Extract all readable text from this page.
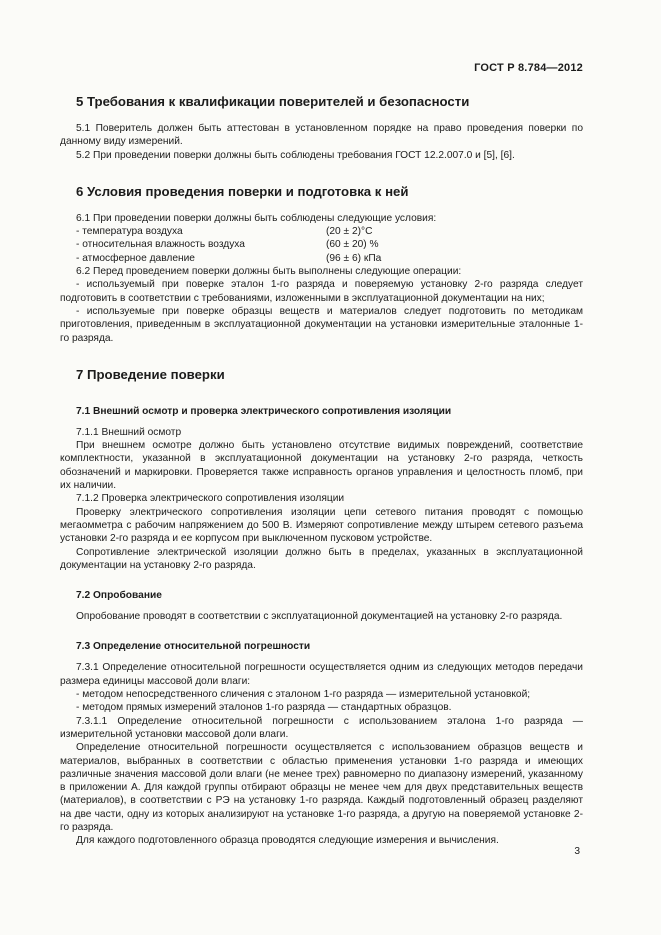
ГОСТ Р 8.784—2012
5 Требования к квалификации поверителей и безопасности

5.1 Поверитель должен быть аттестован в установленном порядке на право проведения поверки по данному виду измерений.

5.2 При проведении поверки должны быть соблюдены требования ГОСТ 12.2.007.0 и [5], [6].

6 Условия проведения поверки и подготовка к ней

6.1 При проведении поверки должны быть соблюдены следующие условия:

- температура воздуха	(20 ± 2)°С
- относительная влажность воздуха	(60 ± 20) %
- атмосферное давление	(96 ± 6) кПа

6.2 Перед проведением поверки должны быть выполнены следующие операции:

- используемый при поверке эталон 1-го разряда и поверяемую установку 2-го разряда следует подготовить в соответствии с требованиями, изложенными в эксплуатационной документации на них;

- используемые при поверке образцы веществ и материалов следует подготовить по методикам приготовления, приведенным в эксплуатационной документации на установки измерительные эталонные 1-го разряда.

7 Проведение поверки
7.1 Внешний осмотр и проверка электрического сопротивления изоляции

7.1.1 Внешний осмотр

При внешнем осмотре должно быть установлено отсутствие видимых повреждений, соответствие комплектности, указанной в эксплуатационной документации на установку 2-го разряда, четкость обозначений и маркировки. Проверяется также исправность органов управления и целостность пломб, при их наличии.

7.1.2 Проверка электрического сопротивления изоляции

Проверку электрического сопротивления изоляции цепи сетевого питания проводят с помощью мегаомметра с рабочим напряжением до 500 В. Измеряют сопротивление между штырем сетевого разъема установки 2-го разряда и ее корпусом при выключенном пусковом устройстве.

Сопротивление электрической изоляции должно быть в пределах, указанных в эксплуатационной документации на установку 2-го разряда.

7.2 Опробование

Опробование проводят в соответствии с эксплуатационной документацией на установку 2-го разряда.

7.3 Определение относительной погрешности

7.3.1 Определение относительной погрешности осуществляется одним из следующих методов передачи размера единицы массовой доли влаги:

- методом непосредственного сличения с эталоном 1-го разряда — измерительной установкой;

- методом прямых измерений эталонов 1-го разряда — стандартных образцов.

7.3.1.1 Определение относительной погрешности с использованием эталона 1-го разряда — измерительной установки массовой доли влаги.

Определение относительной погрешности осуществляется с использованием образцов веществ и материалов, выбранных в соответствии с областью применения установки 1-го разряда и имеющих различные значения массовой доли влаги (не менее трех) равномерно по диапазону измерений, указанному в приложении А. Для каждой группы отбирают образцы не менее чем для двух представительных веществ (материалов), в соответствии с РЭ на установку 1-го разряда. Каждый подготовленный образец разделяют на две части, одну из которых анализируют на установке 1-го разряда, а другую на поверяемой установке 2-го разряда.

Для каждого подготовленного образца проводятся следующие измерения и вычисления.

3
